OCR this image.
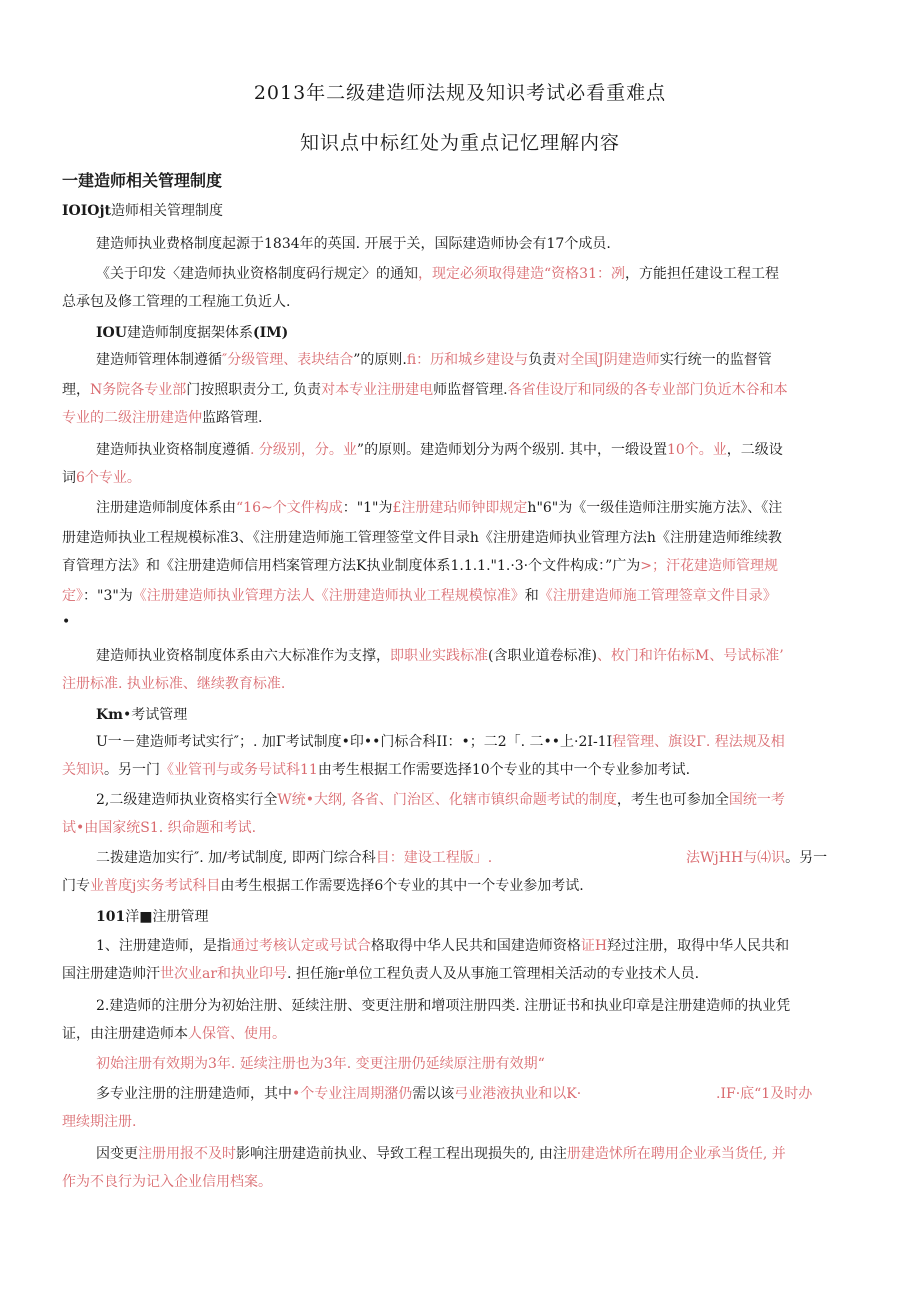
2013年二级建造师法规及知识考试必看重难点
知识点中标红处为重点记忆理解内容
一建造师相关管理制度
IOIOjt造师相关管理制度
建造师执业费格制度起源于1834年的英国. 开展于关，国际建造师协会有17个成员.
《关于印发〈建造师执业资格制度码行规定〉的通知，现定必须取得建造“资格31：冽，方能担任建设工程工程
总承包及修工管理的工程施工负近人.
IOU建造师制度据架体系(IM)
建造师管理体制遵循″分级管理、表块结合”的原则.fi：历和城乡建设与负责对全国J阴建造师实行统一的监督管
理，N务院各专业部门按照职责分工, 负责对本专业注册建电师监督管理.各省佳设厅和同级的各专业部门负近木谷和本
专业的二级注册建造仲监路管理.
建造师执业资格制度遵循. 分级别，分。业”的原则。建造师划分为两个级别. 其中，一缎设置10个。业，二级设
词6个专业。
注册建造师制度体系由“16~个文件构成："1"为£注册建玷师钟即规定h"6"为《一级佳造师注册实施方法》、《注
册建造师执业工程规模标准3、《注册建造师施工管理签堂文件目录h《注册建造师执业管理方法h《注册建造师维续教
育管理方法》和《注册建造师信用档案管理方法K执业制度体系1.1.1."1.·3·个文件构成：”广为>；汗花建造师管理规
定》："3"为《注册建造师执业管理方法人《注册建造师执业工程规模惊准》和《注册建造师施工管理签章文件目录》
•
建造师执业资格制度体系由六大标准作为支撑，即职业实践标准(含职业道卷标准)、枚门和许佑标M、号试标准’
注册标准. 执业标准、继续教育标准.
Km•考试管理
U一－建造师考试实行″；. 加Γ考试制度•印••门标合科II：•；二2「. 二••上·2I-1I程管理、旗设Γ. 程法规及相
关知识。另一门《业管刊与或务号试科11由考生根据工作需要选择10个专业的其中一个专业参加考试.
2,二级建造师执业资格实行全W统•大纲, 各省、门治区、化辖市镇织命题考试的制度，考生也可参加全国统一考
试•由国家统S1. 织命题和考试.
二拨建造加实行″. 加/考试制度, 即两门综合科目：建设工程版」.	法WjHH与⑷识。另一
门专业普度j实务考试科目由考生根据工作需要选择6个专业的其中一个专业参加考试.
101洋■注册管理
1、注册建造师，是指通过考核认定或号试合格取得中华人民共和国建造师资格证H羟过注册，取得中华人民共和
国注册建造帅汗世次业ar和执业印号. 担任施r单位工程负责人及从事施工管理相关活动的专业技术人员.
2.建造师的注册分为初始注册、延续注册、变更注册和增项注册四类. 注册证书和执业印章是注册建造师的执业凭
证，由注册建造师本人保管、使用。
初始注册有效期为3年. 延续注册也为3年. 变更注册仍延续原注册有效期“
多专业注册的注册建造师，其中•个专业注周期潴仍需以该弓业港液执业和以K·	.IF·底“1及时办
理续期注册.
因变更注册用报不及时影响注册建造前执业、导致工程工程出现损失的, 由注册建造怵所在聘用企业承当货任, 并
作为不良行为记入企业信用档案。
